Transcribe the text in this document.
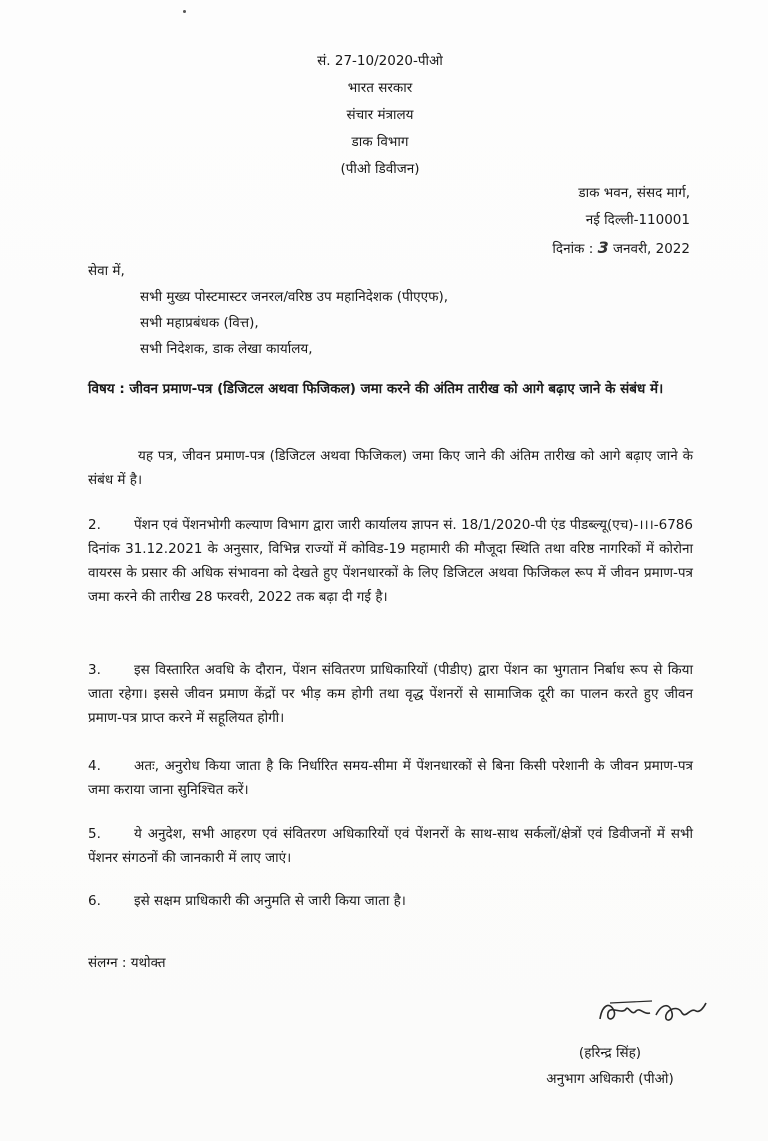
सं. 27-10/2020-पीओ
भारत सरकार
संचार मंत्रालय
डाक विभाग
(पीओ डिवीजन)
डाक भवन, संसद मार्ग,
नई दिल्ली-110001
दिनांक : 3 जनवरी, 2022
सेवा में,
सभी मुख्य पोस्टमास्टर जनरल/वरिष्ठ उप महानिदेशक (पीएएफ),
सभी महाप्रबंधक (वित्त),
सभी निदेशक, डाक लेखा कार्यालय,
विषय : जीवन प्रमाण-पत्र (डिजिटल अथवा फिजिकल) जमा करने की अंतिम तारीख को आगे बढ़ाए जाने के संबंध में।
यह पत्र, जीवन प्रमाण-पत्र (डिजिटल अथवा फिजिकल) जमा किए जाने की अंतिम तारीख को आगे बढ़ाए जाने के संबंध में है।
2. पेंशन एवं पेंशनभोगी कल्याण विभाग द्वारा जारी कार्यालय ज्ञापन सं. 18/1/2020-पी एंड पीडब्ल्यू(एच)-।।।-6786 दिनांक 31.12.2021 के अनुसार, विभिन्न राज्यों में कोविड-19 महामारी की मौजूदा स्थिति तथा वरिष्ठ नागरिकों में कोरोना वायरस के प्रसार की अधिक संभावना को देखते हुए पेंशनधारकों के लिए डिजिटल अथवा फिजिकल रूप में जीवन प्रमाण-पत्र जमा करने की तारीख 28 फरवरी, 2022 तक बढ़ा दी गई है।
3. इस विस्तारित अवधि के दौरान, पेंशन संवितरण प्राधिकारियों (पीडीए) द्वारा पेंशन का भुगतान निर्बाध रूप से किया जाता रहेगा। इससे जीवन प्रमाण केंद्रों पर भीड़ कम होगी तथा वृद्ध पेंशनरों से सामाजिक दूरी का पालन करते हुए जीवन प्रमाण-पत्र प्राप्त करने में सहूलियत होगी।
4. अतः, अनुरोध किया जाता है कि निर्धारित समय-सीमा में पेंशनधारकों से बिना किसी परेशानी के जीवन प्रमाण-पत्र जमा कराया जाना सुनिश्चित करें।
5. ये अनुदेश, सभी आहरण एवं संवितरण अधिकारियों एवं पेंशनरों के साथ-साथ सर्कलों/क्षेत्रों एवं डिवीजनों में सभी पेंशनर संगठनों की जानकारी में लाए जाएं।
6. इसे सक्षम प्राधिकारी की अनुमति से जारी किया जाता है।
संलग्न : यथोक्त
(हरिन्द्र सिंह)
अनुभाग अधिकारी (पीओ)
